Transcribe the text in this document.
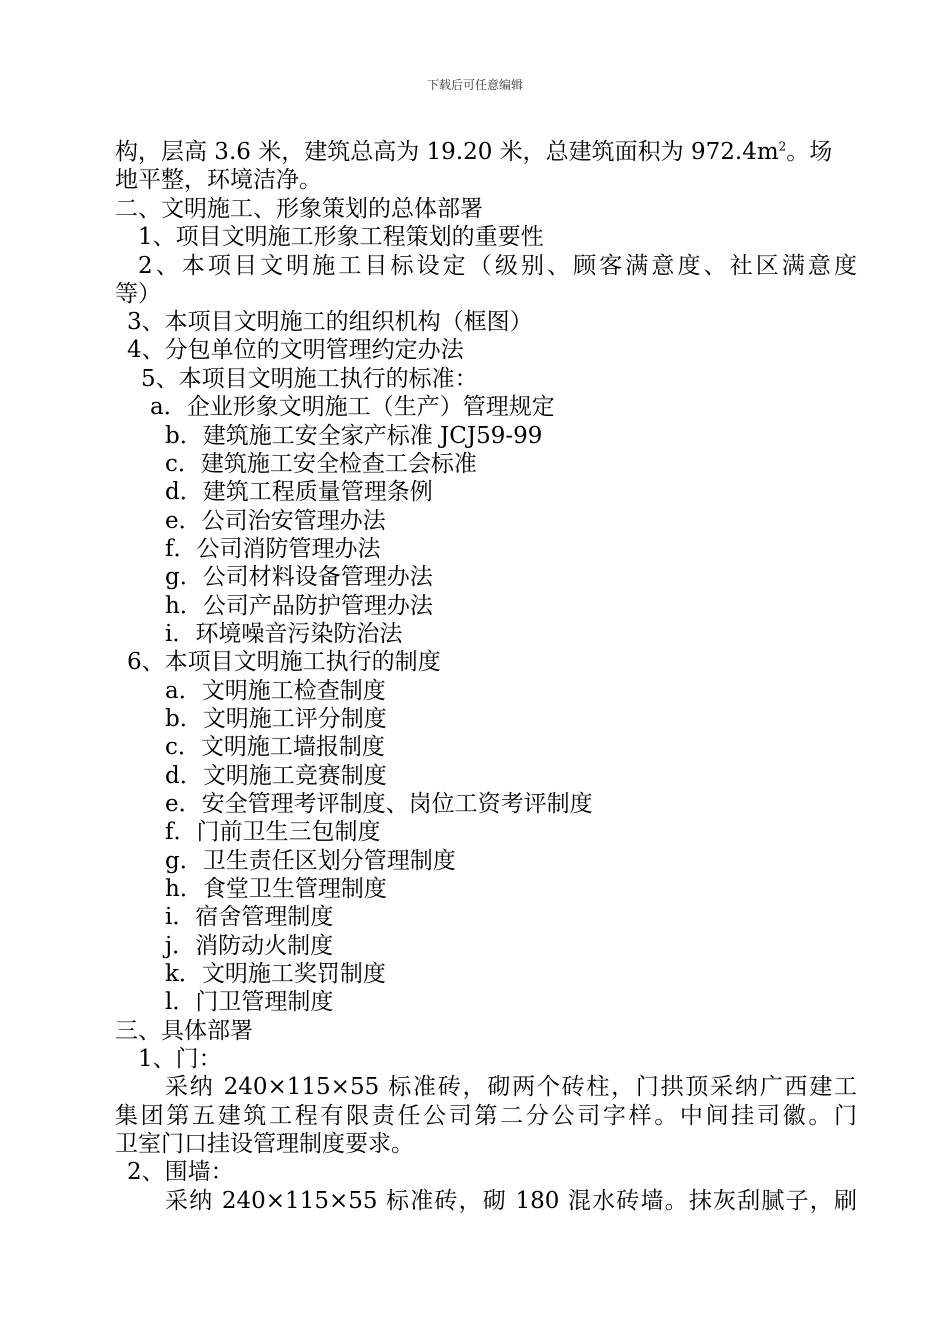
下载后可任意编辑
构，层高 3.6 米，建筑总高为 19.20 米，总建筑面积为 $972.4m^2$。场
地平整，环境洁净。
二、文明施工、形象策划的总体部署
1、项目文明施工形象工程策划的重要性
2、本项目文明施工目标设定（级别、顾客满意度、社区满意度
等）
3、本项目文明施工的组织机构（框图）
4、分包单位的文明管理约定办法
5、本项目文明施工执行的标准：
a．企业形象文明施工（生产）管理规定
b．建筑施工安全家产标准 JCJ59-99
c．建筑施工安全检查工会标准
d．建筑工程质量管理条例
e．公司治安管理办法
f．公司消防管理办法
g．公司材料设备管理办法
h．公司产品防护管理办法
i．环境噪音污染防治法
6、本项目文明施工执行的制度
a．文明施工检查制度
b．文明施工评分制度
c．文明施工墙报制度
d．文明施工竞赛制度
e．安全管理考评制度、岗位工资考评制度
f．门前卫生三包制度
g．卫生责任区划分管理制度
h．食堂卫生管理制度
i．宿舍管理制度
j．消防动火制度
k．文明施工奖罚制度
l．门卫管理制度
三、具体部署
1、门：
采纳 240×115×55 标准砖，砌两个砖柱，门拱顶采纳广西建工
集团第五建筑工程有限责任公司第二分公司字样。中间挂司徽。门
卫室门口挂设管理制度要求。
2、围墙：
采纳 240×115×55 标准砖，砌 180 混水砖墙。抹灰刮腻子，刷
